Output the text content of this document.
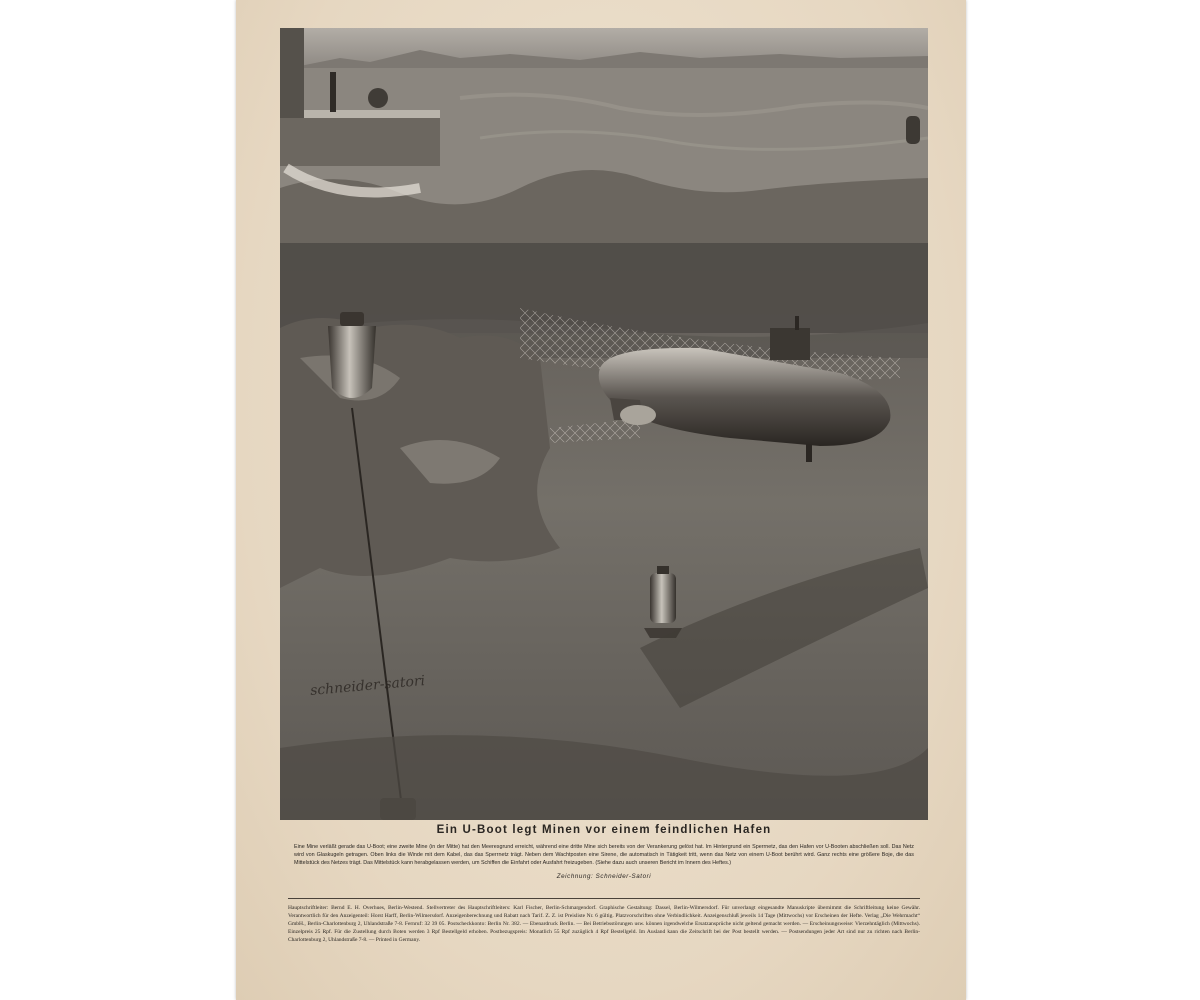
schneider-satori
Ein U-Boot legt Minen vor einem feindlichen Hafen
Eine Mine verläßt gerade das U-Boot; eine zweite Mine (in der Mitte) hat den Meeresgrund erreicht, während eine dritte Mine sich bereits von der Verankerung gelöst hat. Im Hintergrund ein Sperrnetz, das den Hafen vor U-Booten abschließen soll. Das Netz wird von Glaskugeln getragen. Oben links die Winde mit dem Kabel, das das Sperrnetz trägt. Neben dem Wachtposten eine Sirene, die automatisch in Tätigkeit tritt, wenn das Netz von einem U-Boot berührt wird. Ganz rechts eine größere Boje, die das Mittelstück des Netzes trägt. Das Mittelstück kann herabgelassen werden, um Schiffen die Einfahrt oder Ausfahrt freizugeben. (Siehe dazu auch unseren Bericht im Innern des Heftes.)
Zeichnung: Schneider-Satori
Hauptschriftleiter: Bernd E. H. Overhues, Berlin-Westend. Stellvertreter des Hauptschriftleiters: Karl Fischer, Berlin-Schmargendorf. Graphische Gestaltung: Dassel, Berlin-Wilmersdorf. Für unverlangt eingesandte Manuskripte übernimmt die Schriftleitung keine Gewähr. Verantwortlich für den Anzeigenteil: Horst Harff, Berlin-Wilmersdorf. Anzeigenberechnung und Rabatt nach Tarif. Z. Z. ist Preisliste Nr. 6 gültig. Platzvorschriften ohne Verbindlichkeit. Anzeigenschluß jeweils 14 Tage (Mittwochs) vor Erscheinen der Hefte. Verlag „Die Wehrmacht“ GmbH., Berlin-Charlottenburg 2, Uhlandstraße 7-8. Fernruf: 32 39 05. Postscheckkonto: Berlin Nr. 382. — Ebenardruck Berlin. — Bei Betriebsstörungen usw. können irgendwelche Ersatzansprüche nicht geltend gemacht werden. — Erscheinungsweise: Vierzehntäglich (Mittwochs). Einzelpreis 25 Rpf. Für die Zustellung durch Boten werden 3 Rpf Bestellgeld erhoben. Postbezugspreis: Monatlich 55 Rpf zuzüglich 4 Rpf Bestellgeld. Im Ausland kann die Zeitschrift bei der Post bestellt werden. — Postsendungen jeder Art sind nur zu richten nach Berlin-Charlottenburg 2, Uhlandstraße 7-8. — Printed in Germany.
